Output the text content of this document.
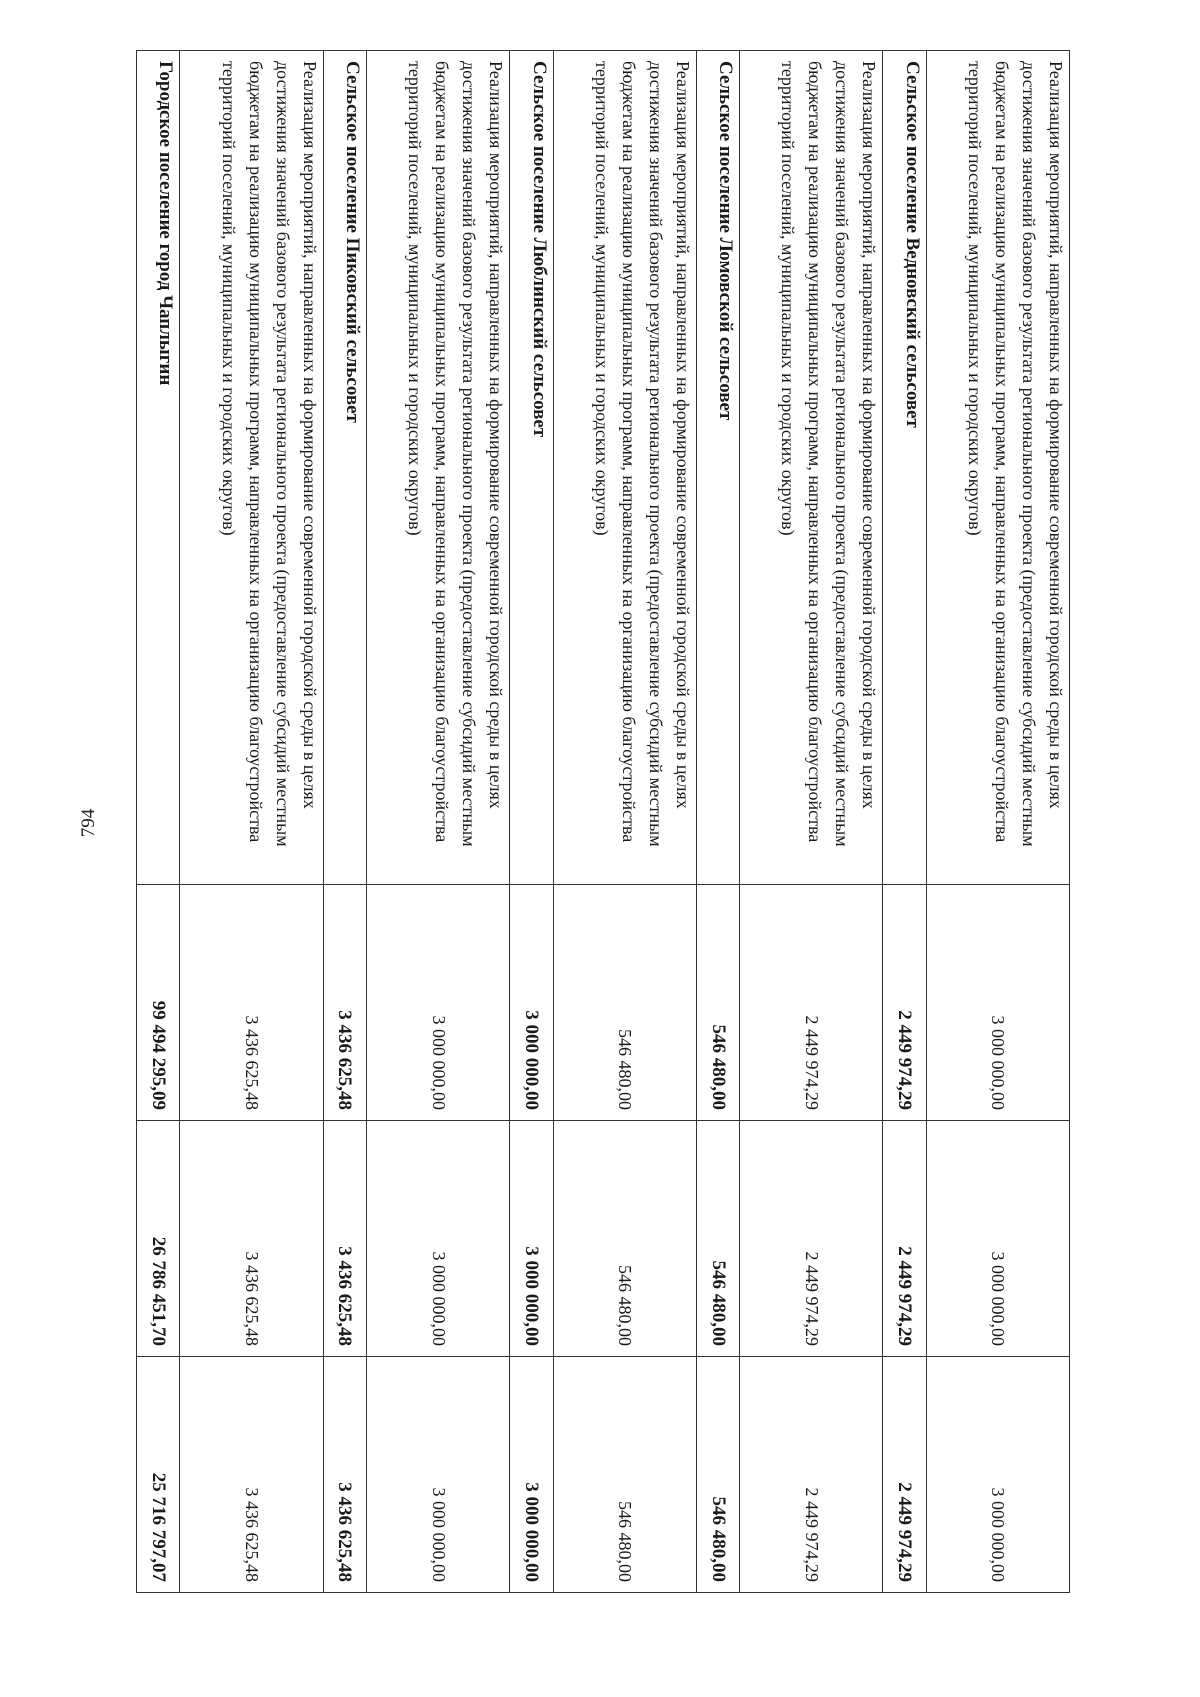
794
Реализация мероприятий, направленных на формирование современной городской среды в целях достижения значений базового результата регионального проекта (предоставление субсидий местным бюджетам на реализацию муниципальных программ, направленных на организацию благоустройства территорий поселений, муниципальных и городских округов)	3 000 000,00	3 000 000,00	3 000 000,00
Сельское поселение Ведновский сельсовет	2 449 974,29	2 449 974,29	2 449 974,29
Реализация мероприятий, направленных на формирование современной городской среды в целях достижения значений базового результата регионального проекта (предоставление субсидий местным бюджетам на реализацию муниципальных программ, направленных на организацию благоустройства территорий поселений, муниципальных и городских округов)	2 449 974,29	2 449 974,29	2 449 974,29
Сельское поселение Ломовской сельсовет	546 480,00	546 480,00	546 480,00
Реализация мероприятий, направленных на формирование современной городской среды в целях достижения значений базового результата регионального проекта (предоставление субсидий местным бюджетам на реализацию муниципальных программ, направленных на организацию благоустройства территорий поселений, муниципальных и городских округов)	546 480,00	546 480,00	546 480,00
Сельское поселение Люблинский сельсовет	3 000 000,00	3 000 000,00	3 000 000,00
Реализация мероприятий, направленных на формирование современной городской среды в целях достижения значений базового результата регионального проекта (предоставление субсидий местным бюджетам на реализацию муниципальных программ, направленных на организацию благоустройства территорий поселений, муниципальных и городских округов)	3 000 000,00	3 000 000,00	3 000 000,00
Сельское поселение Пиковский сельсовет	3 436 625,48	3 436 625,48	3 436 625,48
Реализация мероприятий, направленных на формирование современной городской среды в целях достижения значений базового результата регионального проекта (предоставление субсидий местным бюджетам на реализацию муниципальных программ, направленных на организацию благоустройства территорий поселений, муниципальных и городских округов)	3 436 625,48	3 436 625,48	3 436 625,48
Городское поселение город Чаплыгин	99 494 295,09	26 786 451,70	25 716 797,07
